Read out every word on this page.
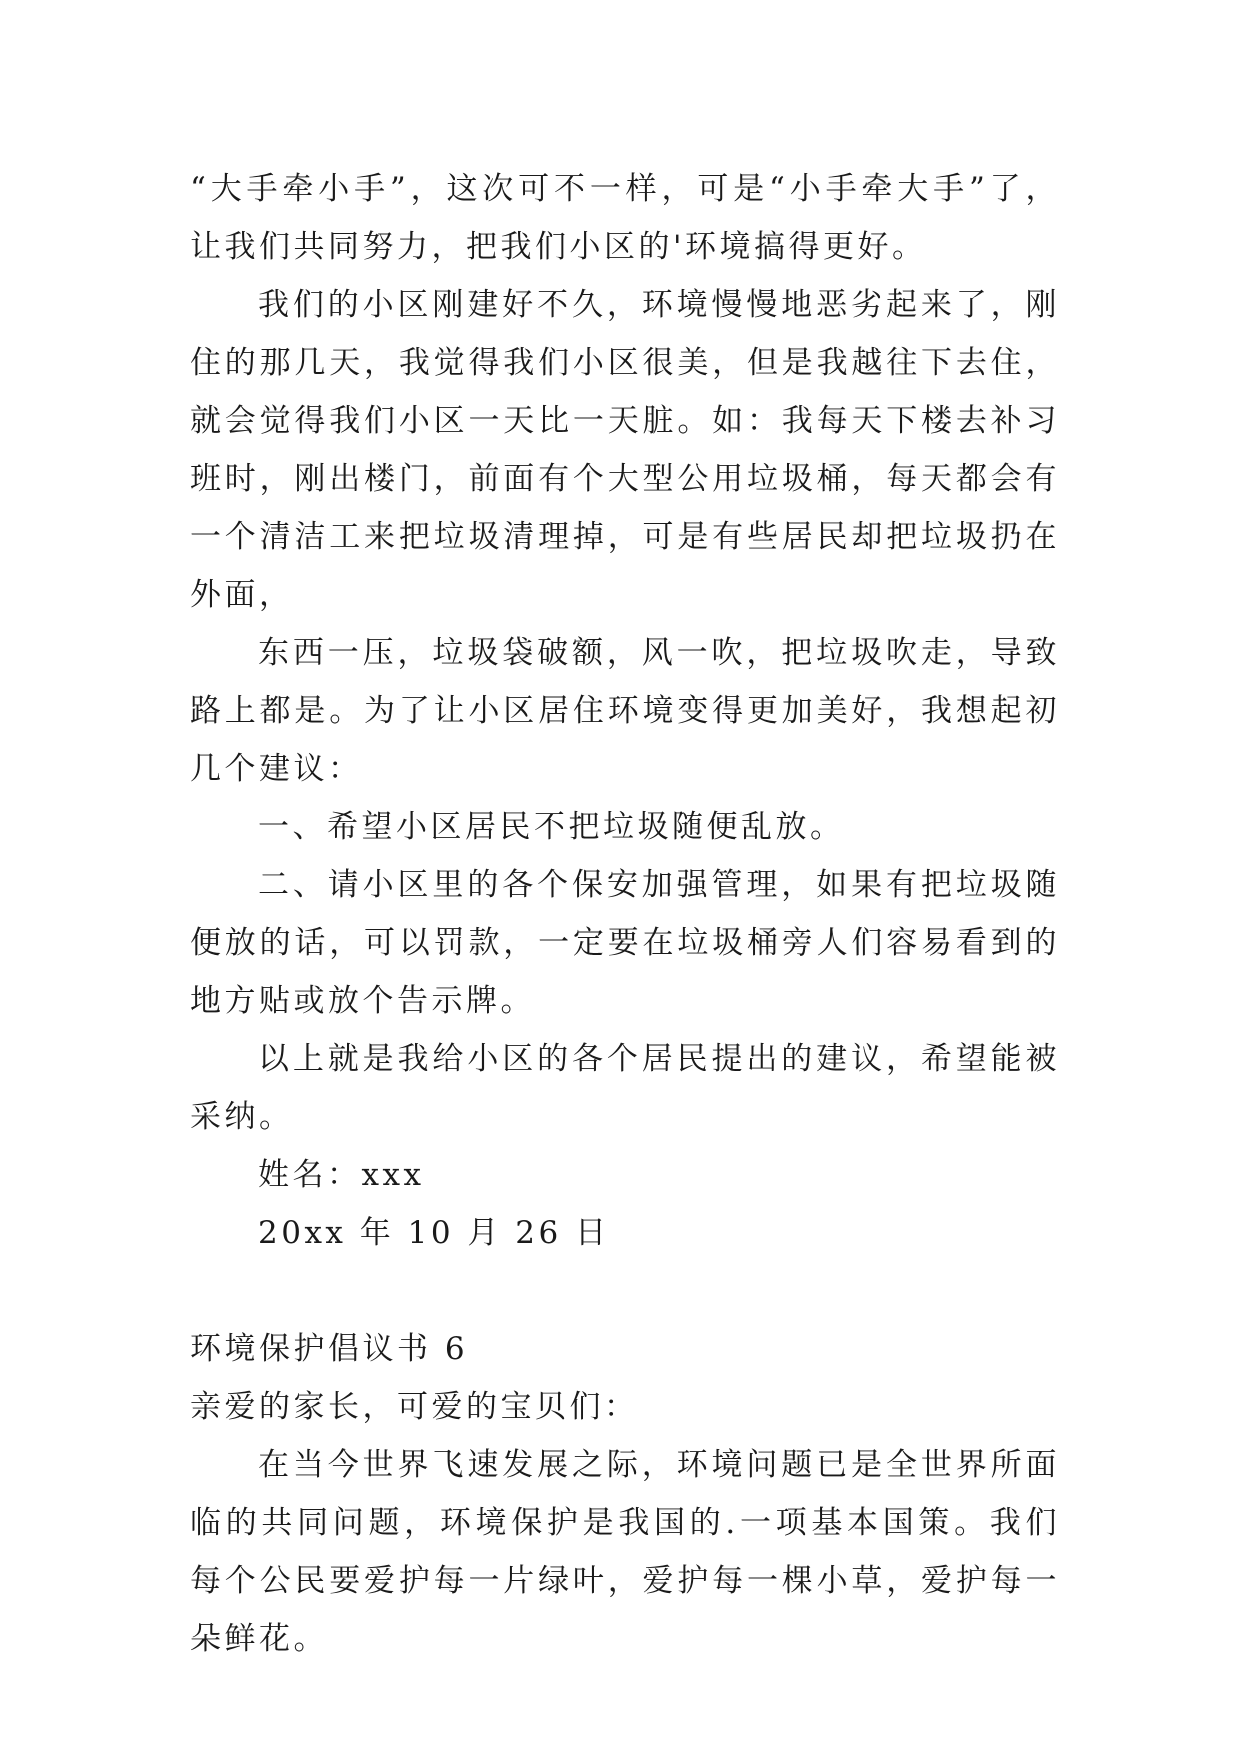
“大手牵小手”，这次可不一样，可是“小手牵大手”了，让我们共同努力，把我们小区的'环境搞得更好。

我们的小区刚建好不久，环境慢慢地恶劣起来了，刚住的那几天，我觉得我们小区很美，但是我越往下去住，就会觉得我们小区一天比一天脏。如：我每天下楼去补习班时，刚出楼门，前面有个大型公用垃圾桶，每天都会有一个清洁工来把垃圾清理掉，可是有些居民却把垃圾扔在外面，

东西一压，垃圾袋破额，风一吹，把垃圾吹走，导致路上都是。为了让小区居住环境变得更加美好，我想起初几个建议：

一、希望小区居民不把垃圾随便乱放。

二、请小区里的各个保安加强管理，如果有把垃圾随便放的话，可以罚款，一定要在垃圾桶旁人们容易看到的地方贴或放个告示牌。

以上就是我给小区的各个居民提出的建议，希望能被采纳。

姓名：xxx

20xx 年 10 月 26 日

环境保护倡议书 6

亲爱的家长，可爱的宝贝们：

在当今世界飞速发展之际，环境问题已是全世界所面临的共同问题，环境保护是我国的.一项基本国策。我们每个公民要爱护每一片绿叶，爱护每一棵小草，爱护每一朵鲜花。
